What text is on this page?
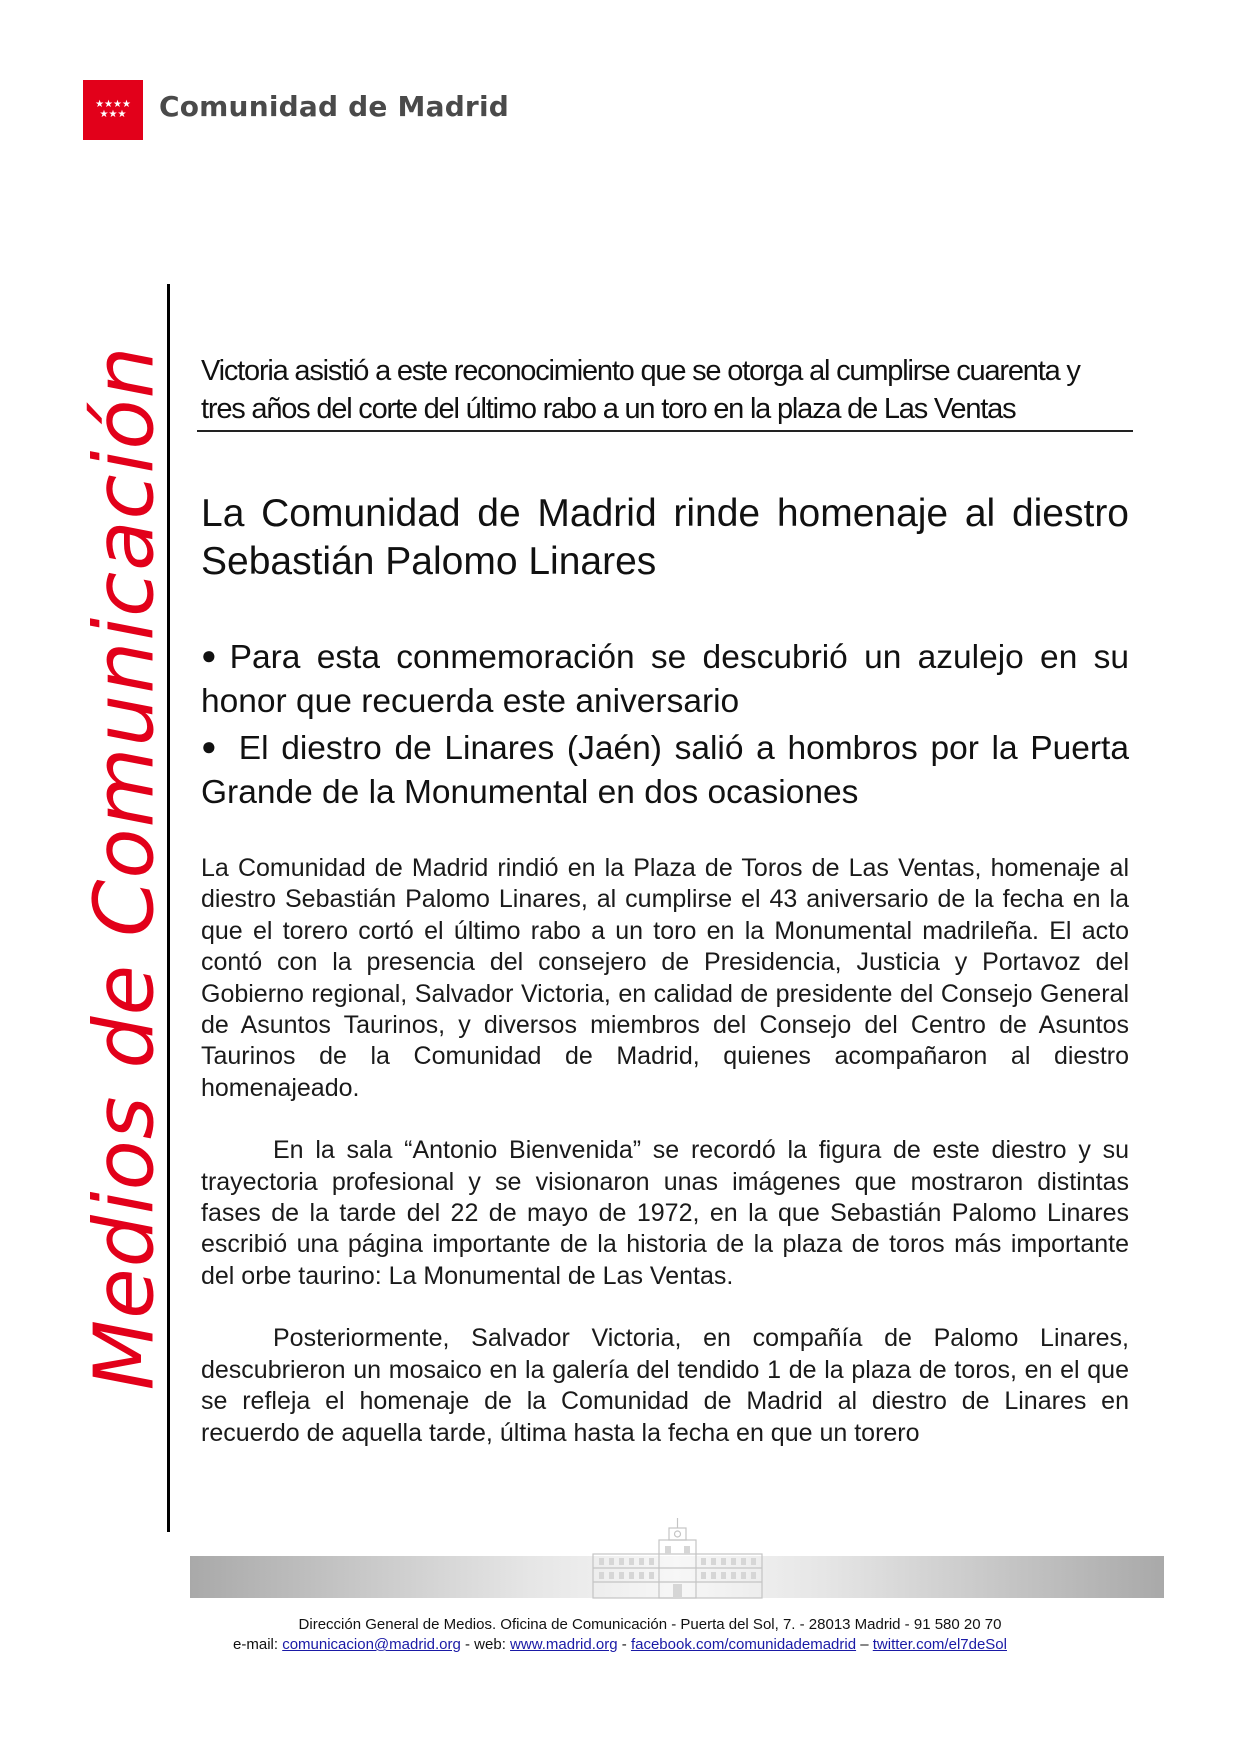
★★★★
★★★	Comunidad de Madrid
Medios de Comunicación Victoria asistió a este reconocimiento que se otorga al cumplirse cuarenta y tres años del corte del último rabo a un toro en la plaza de Las Ventas
La Comunidad de Madrid rinde homenaje al diestro Sebastián Palomo Linares

● Para esta conmemoración se descubrió un azulejo en su honor que recuerda este aniversario

● El diestro de Linares (Jaén) salió a hombros por la Puerta Grande de la Monumental en dos ocasiones

La Comunidad de Madrid rindió en la Plaza de Toros de Las Ventas, homenaje al diestro Sebastián Palomo Linares, al cumplirse el 43 aniversario de la fecha en la que el torero cortó el último rabo a un toro en la Monumental madrileña. El acto contó con la presencia del consejero de Presidencia, Justicia y Portavoz del Gobierno regional, Salvador Victoria, en calidad de presidente del Consejo General de Asuntos Taurinos, y diversos miembros del Consejo del Centro de Asuntos Taurinos de la Comunidad de Madrid, quienes acompañaron al diestro homenajeado.

En la sala “Antonio Bienvenida” se recordó la figura de este diestro y su trayectoria profesional y se visionaron unas imágenes que mostraron distintas fases de la tarde del 22 de mayo de 1972, en la que Sebastián Palomo Linares escribió una página importante de la historia de la plaza de toros más importante del orbe taurino: La Monumental de Las Ventas.

Posteriormente, Salvador Victoria, en compañía de Palomo Linares, descubrieron un mosaico en la galería del tendido 1 de la plaza de toros, en el que se refleja el homenaje de la Comunidad de Madrid al diestro de Linares en recuerdo de aquella tarde, última hasta la fecha en que un torero

Dirección General de Medios. Oficina de Comunicación - Puerta del Sol, 7. - 28013 Madrid - 91 580 20 70
e-mail: comunicacion@madrid.org - web: www.madrid.org - facebook.com/comunidademadrid – twitter.com/el7deSol
